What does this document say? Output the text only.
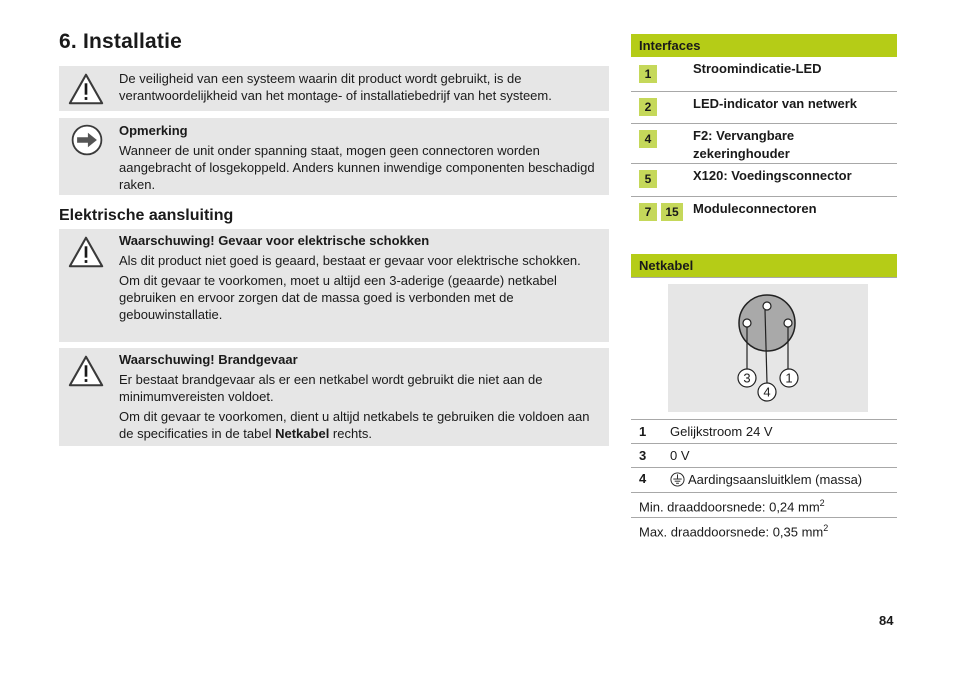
6. Installatie

De veiligheid van een systeem waarin dit product wordt gebruikt, is de verantwoordelijkheid van het montage- of installatiebedrijf van het systeem.

Opmerking

Wanneer de unit onder spanning staat, mogen geen connectoren worden aangebracht of losgekoppeld. Anders kunnen inwendige componenten beschadigd raken.

Elektrische aansluiting

Waarschuwing! Gevaar voor elektrische schokken

Als dit product niet goed is geaard, bestaat er gevaar voor elektrische schokken.

Om dit gevaar te voorkomen, moet u altijd een 3-aderige (geaarde) netkabel gebruiken en ervoor zorgen dat de massa goed is verbonden met de gebouwinstallatie.

Waarschuwing! Brandgevaar

Er bestaat brandgevaar als er een netkabel wordt gebruikt die niet aan de minimumvereisten voldoet.

Om dit gevaar te voorkomen, dient u altijd netkabels te gebruiken die voldoen aan de specificaties in de tabel Netkabel rechts.

Interfaces
1	Stroomindicatie-LED
2	LED-indicator van netwerk
4	F2: Vervangbare zekeringhouder
5	X120: Voedingsconnector
7	15	Moduleconnectoren
Netkabel
3
4
1
1 Gelijkstroom 24 V
3 0 V
4	Aardingsaansluitklem (massa)
Min. draaddoorsnede: 0,24 $mm^2$
Max. draaddoorsnede: 0,35 $mm^2$
84
